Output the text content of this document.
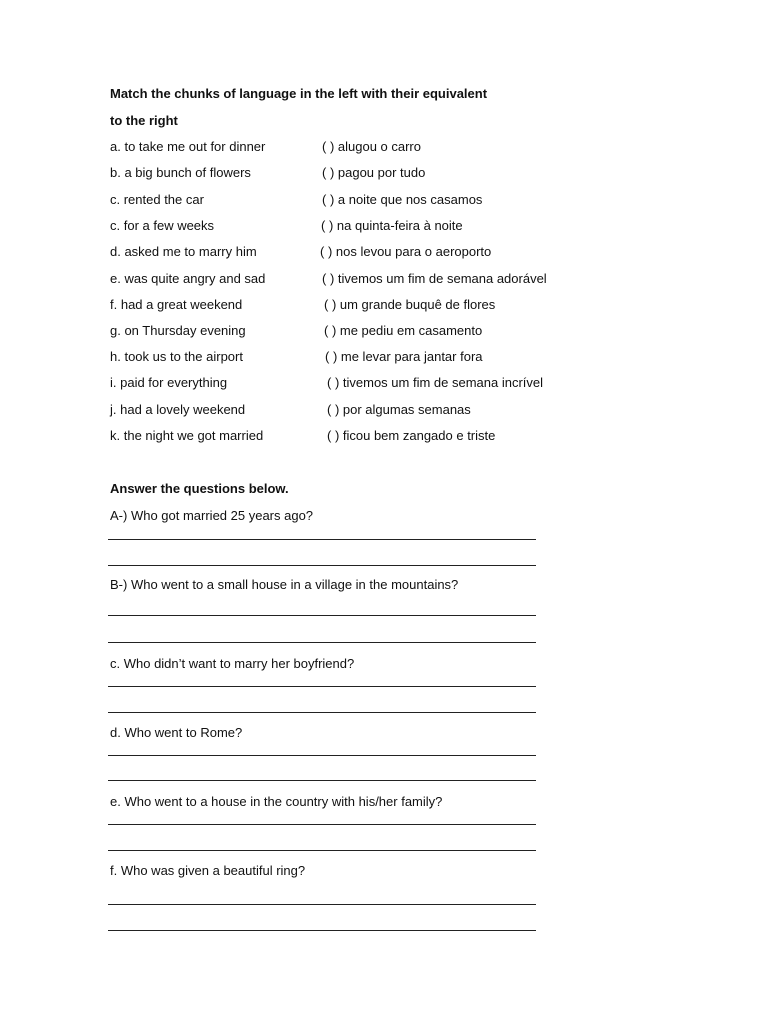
Match the chunks of language in the left with their equivalent
to the right
a. to take me out for dinner	( ) alugou o carro
b. a big bunch of flowers	( ) pagou por tudo
c. rented the car	( ) a noite que nos casamos
c. for a few weeks	( ) na quinta-feira à noite
d. asked me to marry him	( ) nos levou para o aeroporto
e. was quite angry and sad	( ) tivemos um fim de semana adorável
f. had a great weekend	( ) um grande buquê de flores
g. on Thursday evening	( ) me pediu em casamento
h. took us to the airport	( ) me levar para jantar fora
i. paid for everything	( ) tivemos um fim de semana incrível
j. had a lovely weekend	( ) por algumas semanas
k. the night we got married	( ) ficou bem zangado e triste
Answer the questions below.
A-) Who got married 25 years ago?
B-) Who went to a small house in a village in the mountains?
c. Who didn’t want to marry her boyfriend?
d. Who went to Rome?
e. Who went to a house in the country with his/her family?
f. Who was given a beautiful ring?
